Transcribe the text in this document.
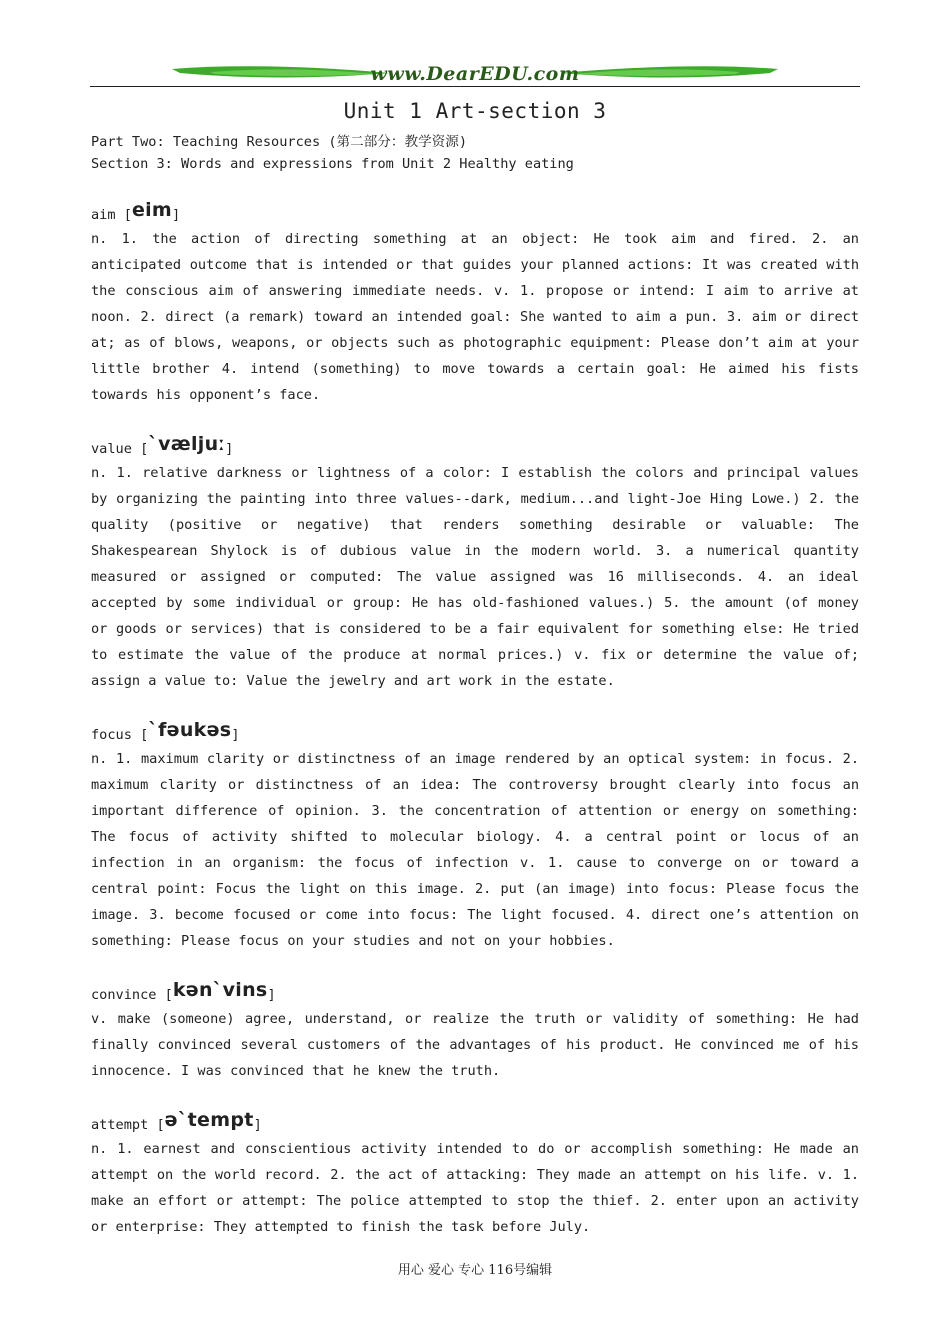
www.DearEDU.com
Unit 1 Art-section 3
Part Two: Teaching Resources (第二部分：教学资源)
Section 3: Words and expressions from Unit 2 Healthy eating
aim [eim]

n. 1. the action of directing something at an object: He took aim and fired. 2. an anticipated outcome that is intended or that guides your planned actions: It was created with the conscious aim of answering immediate needs. v. 1. propose or intend: I aim to arrive at noon. 2. direct (a remark) toward an intended goal: She wanted to aim a pun. 3. aim or direct at; as of blows, weapons, or objects such as photographic equipment: Please don’t aim at your little brother 4. intend (something) to move towards a certain goal: He aimed his fists towards his opponent’s face.

value [ˋvæljuː]

n. 1. relative darkness or lightness of a color: I establish the colors and principal values by organizing the painting into three values--dark, medium...and light-Joe Hing Lowe.) 2. the quality (positive or negative) that renders something desirable or valuable: The Shakespearean Shylock is of dubious value in the modern world. 3. a numerical quantity measured or assigned or computed: The value assigned was 16 milliseconds. 4. an ideal accepted by some individual or group: He has old-fashioned values.) 5. the amount (of money or goods or services) that is considered to be a fair equivalent for something else: He tried to estimate the value of the produce at normal prices.) v. fix or determine the value of; assign a value to: Value the jewelry and art work in the estate.

focus [ˋfəukəs]

n. 1. maximum clarity or distinctness of an image rendered by an optical system: in focus. 2. maximum clarity or distinctness of an idea: The controversy brought clearly into focus an important difference of opinion. 3. the concentration of attention or energy on something: The focus of activity shifted to molecular biology. 4. a central point or locus of an infection in an organism: the focus of infection v. 1. cause to converge on or toward a central point: Focus the light on this image. 2. put (an image) into focus: Please focus the image. 3. become focused or come into focus: The light focused. 4. direct one’s attention on something: Please focus on your studies and not on your hobbies.

convince [kənˋvins]

v. make (someone) agree, understand, or realize the truth or validity of something: He had finally convinced several customers of the advantages of his product. He convinced me of his innocence. I was convinced that he knew the truth.

attempt [əˋtempt]

n. 1. earnest and conscientious activity intended to do or accomplish something: He made an attempt on the world record. 2. the act of attacking: They made an attempt on his life. v. 1. make an effort or attempt: The police attempted to stop the thief. 2. enter upon an activity or enterprise: They attempted to finish the task before July.

用心 爱心 专心 116号编辑
